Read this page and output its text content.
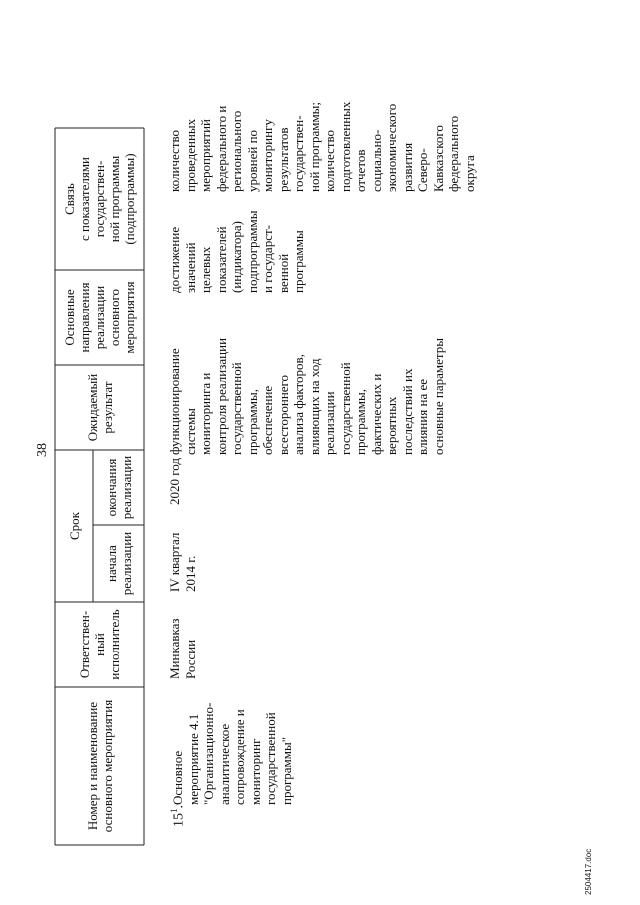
38
Номер и наименование
основного мероприятия
Ответствен-
ный
исполнитель
Срок
начала
реализации
окончания
реализации
Ожидаемый
результат
Основные
направления
реализации
основного
мероприятия
Связь
с показателями
государствен-
ной программы
(подпрограммы)
$15^1$.
Основное
мероприятие 4.1
"Организационно-
аналитическое
сопровождение и
мониторинг
государственной
программы"
Минкавказ
России
IV квартал
2014 г.
2020 год
функционирование
системы
мониторинга и
контроля реализации
государственной
программы,
обеспечение
всестороннего
анализа факторов,
влияющих на ход
реализации
государственной
программы,
фактических и
вероятных
последствий их
влияния на ее
основные параметры
достижение
значений
целевых
показателей
(индикатора)
подпрограммы
и государст-
венной
программы
количество
проведенных
мероприятий
федерального и
регионального
уровней по
мониторингу
результатов
государствен-
ной программы;
количество
подготовленных
отчетов
социально-
экономического
развития
Северо-
Кавказского
федерального
округа
2504417.doc
